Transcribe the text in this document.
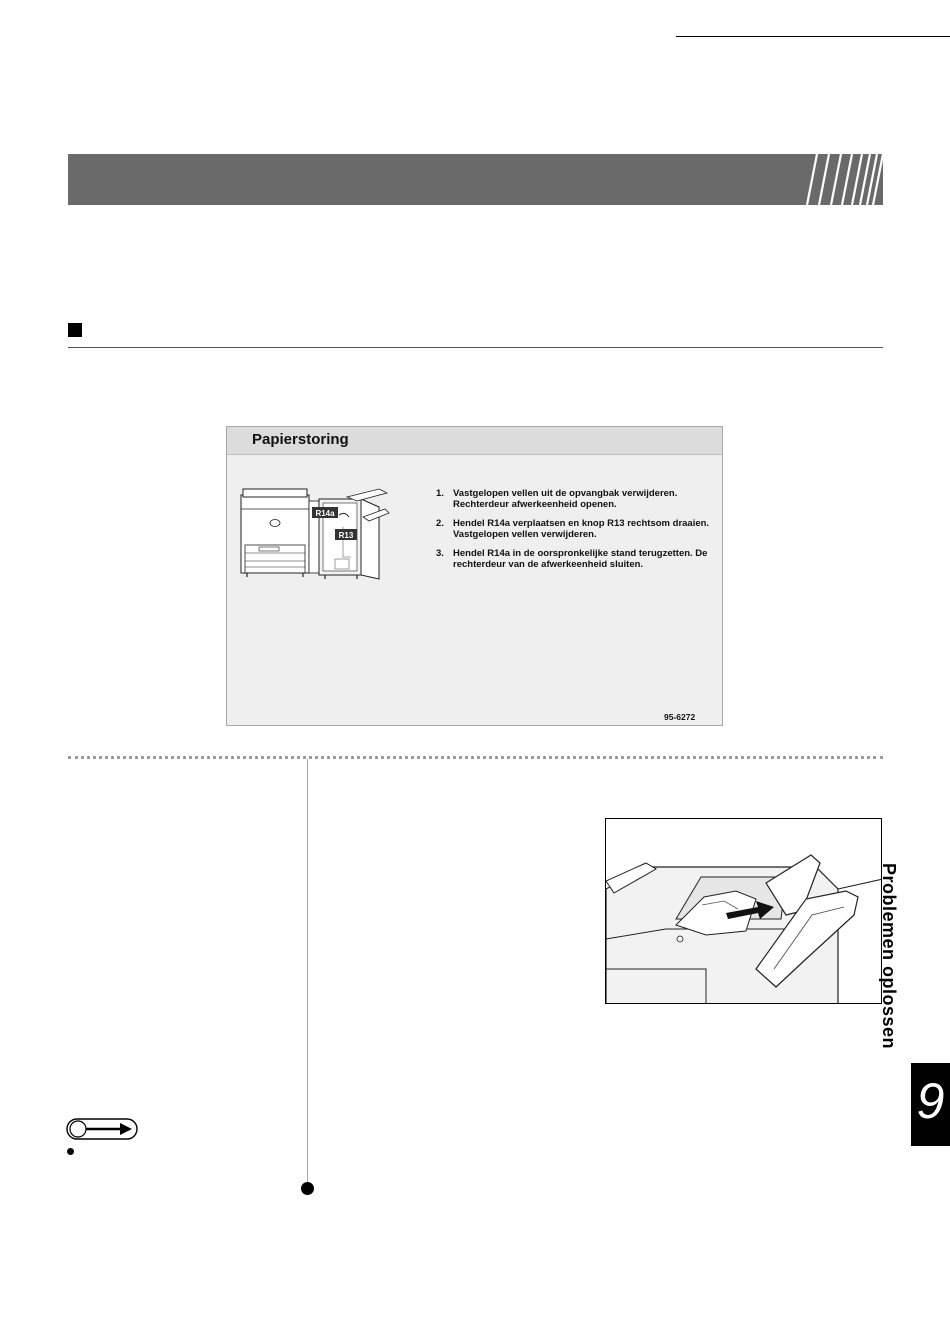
Papierstoring
R14a
R13
1. Vastgelopen vellen uit de opvangbak verwijderen. Rechterdeur afwerkeenheid openen.
2. Hendel R14a verplaatsen en knop R13 rechtsom draaien. Vastgelopen vellen verwijderen.
3. Hendel R14a in de oorspronkelijke stand terugzetten. De rechterdeur van de afwerkeenheid sluiten.
95-6272
Problemen oplossen
9
